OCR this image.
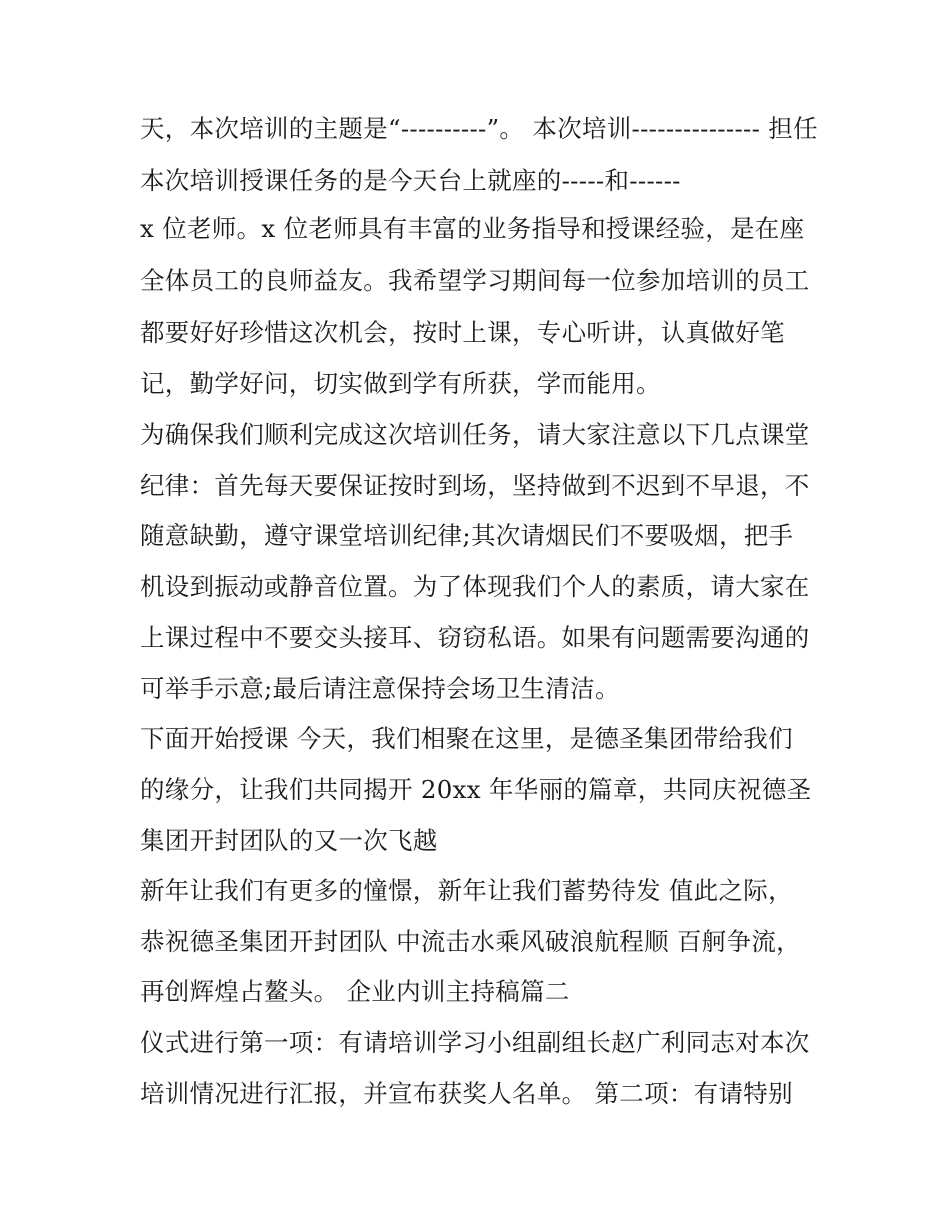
天，本次培训的主题是“----------”。 本次培训--------------- 担任
本次培训授课任务的是今天台上就座的-----和------
x 位老师。x 位老师具有丰富的业务指导和授课经验，是在座
全体员工的良师益友。我希望学习期间每一位参加培训的员工
都要好好珍惜这次机会，按时上课，专心听讲，认真做好笔
记，勤学好问，切实做到学有所获，学而能用。
为确保我们顺利完成这次培训任务，请大家注意以下几点课堂
纪律：首先每天要保证按时到场，坚持做到不迟到不早退，不
随意缺勤，遵守课堂培训纪律;其次请烟民们不要吸烟，把手
机设到振动或静音位置。为了体现我们个人的素质，请大家在
上课过程中不要交头接耳、窃窃私语。如果有问题需要沟通的
可举手示意;最后请注意保持会场卫生清洁。
下面开始授课 今天，我们相聚在这里，是德圣集团带给我们
的缘分，让我们共同揭开 20xx 年华丽的篇章，共同庆祝德圣
集团开封团队的又一次飞越
新年让我们有更多的憧憬，新年让我们蓄势待发 值此之际，
恭祝德圣集团开封团队 中流击水乘风破浪航程顺 百舸争流，
再创辉煌占鳌头。 企业内训主持稿篇二
仪式进行第一项：有请培训学习小组副组长赵广利同志对本次
培训情况进行汇报，并宣布获奖人名单。 第二项：有请特别
